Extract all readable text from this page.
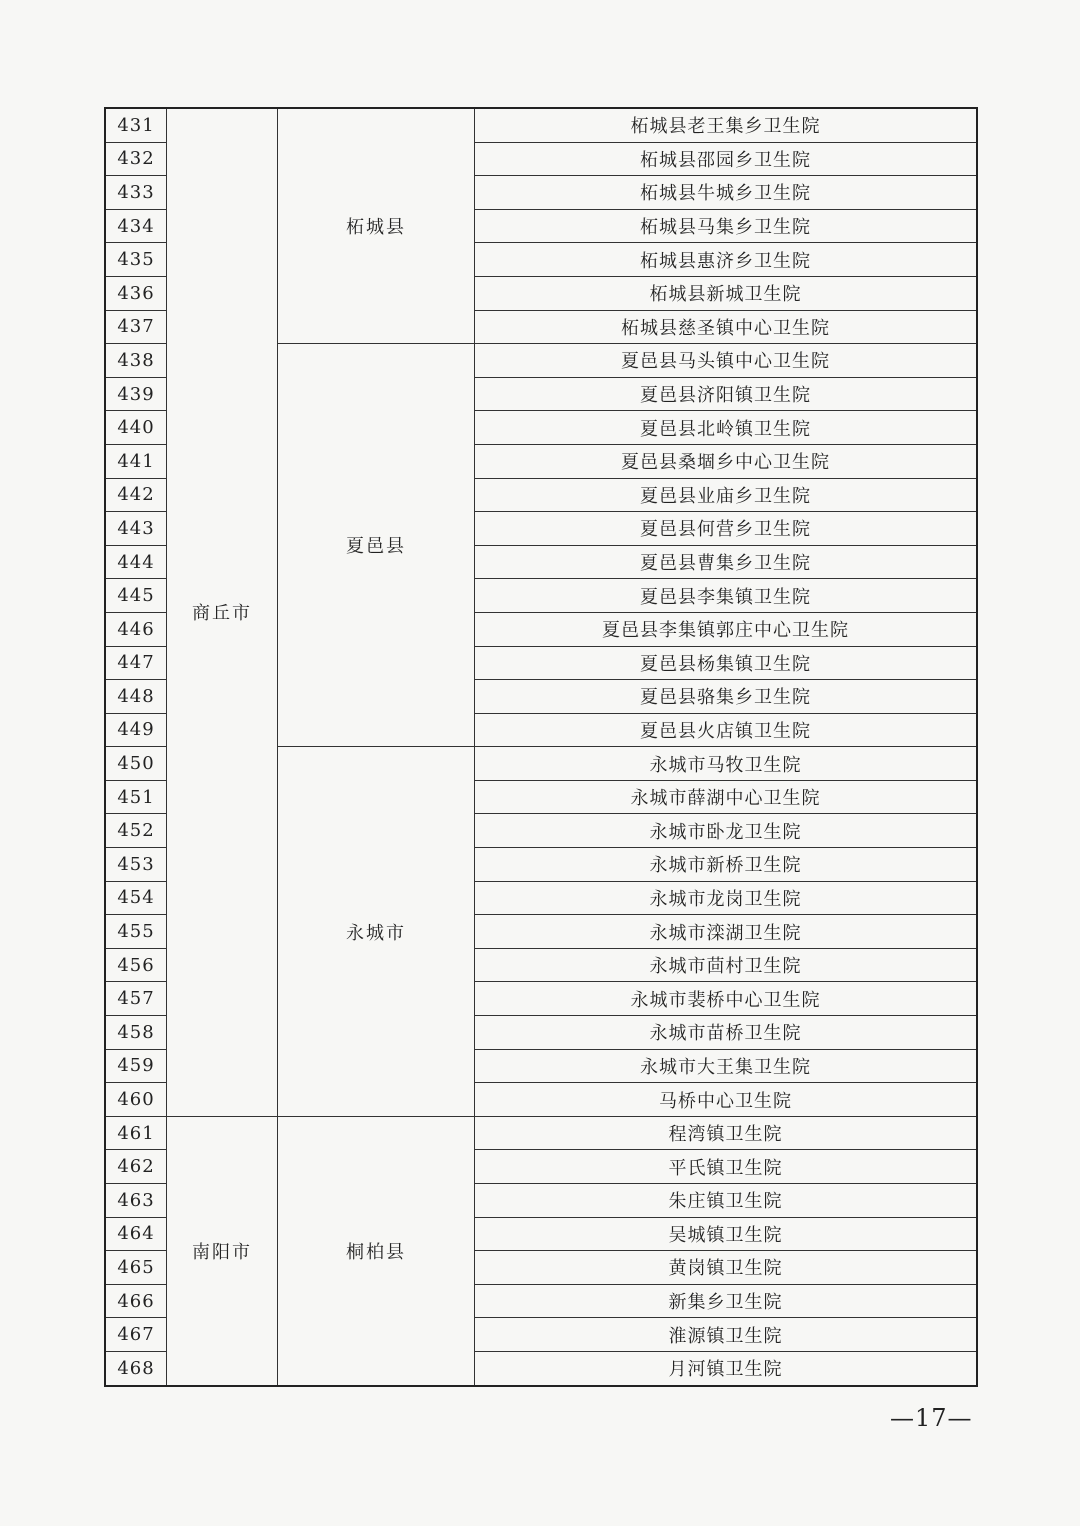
431	商丘市	柘城县	柘城县老王集乡卫生院
432			柘城县邵园乡卫生院
433			柘城县牛城乡卫生院
434			柘城县马集乡卫生院
435			柘城县惠济乡卫生院
436			柘城县新城卫生院
437			柘城县慈圣镇中心卫生院
438		夏邑县	夏邑县马头镇中心卫生院
439			夏邑县济阳镇卫生院
440			夏邑县北岭镇卫生院
441			夏邑县桑堌乡中心卫生院
442			夏邑县业庙乡卫生院
443			夏邑县何营乡卫生院
444			夏邑县曹集乡卫生院
445			夏邑县李集镇卫生院
446			夏邑县李集镇郭庄中心卫生院
447			夏邑县杨集镇卫生院
448			夏邑县骆集乡卫生院
449			夏邑县火店镇卫生院
450		永城市	永城市马牧卫生院
451			永城市薛湖中心卫生院
452			永城市卧龙卫生院
453			永城市新桥卫生院
454			永城市龙岗卫生院
455			永城市滦湖卫生院
456			永城市茴村卫生院
457			永城市裴桥中心卫生院
458			永城市苗桥卫生院
459			永城市大王集卫生院
460			马桥中心卫生院
461	南阳市	桐柏县	程湾镇卫生院
462			平氏镇卫生院
463			朱庄镇卫生院
464			吴城镇卫生院
465			黄岗镇卫生院
466			新集乡卫生院
467			淮源镇卫生院
468			月河镇卫生院
—17—
